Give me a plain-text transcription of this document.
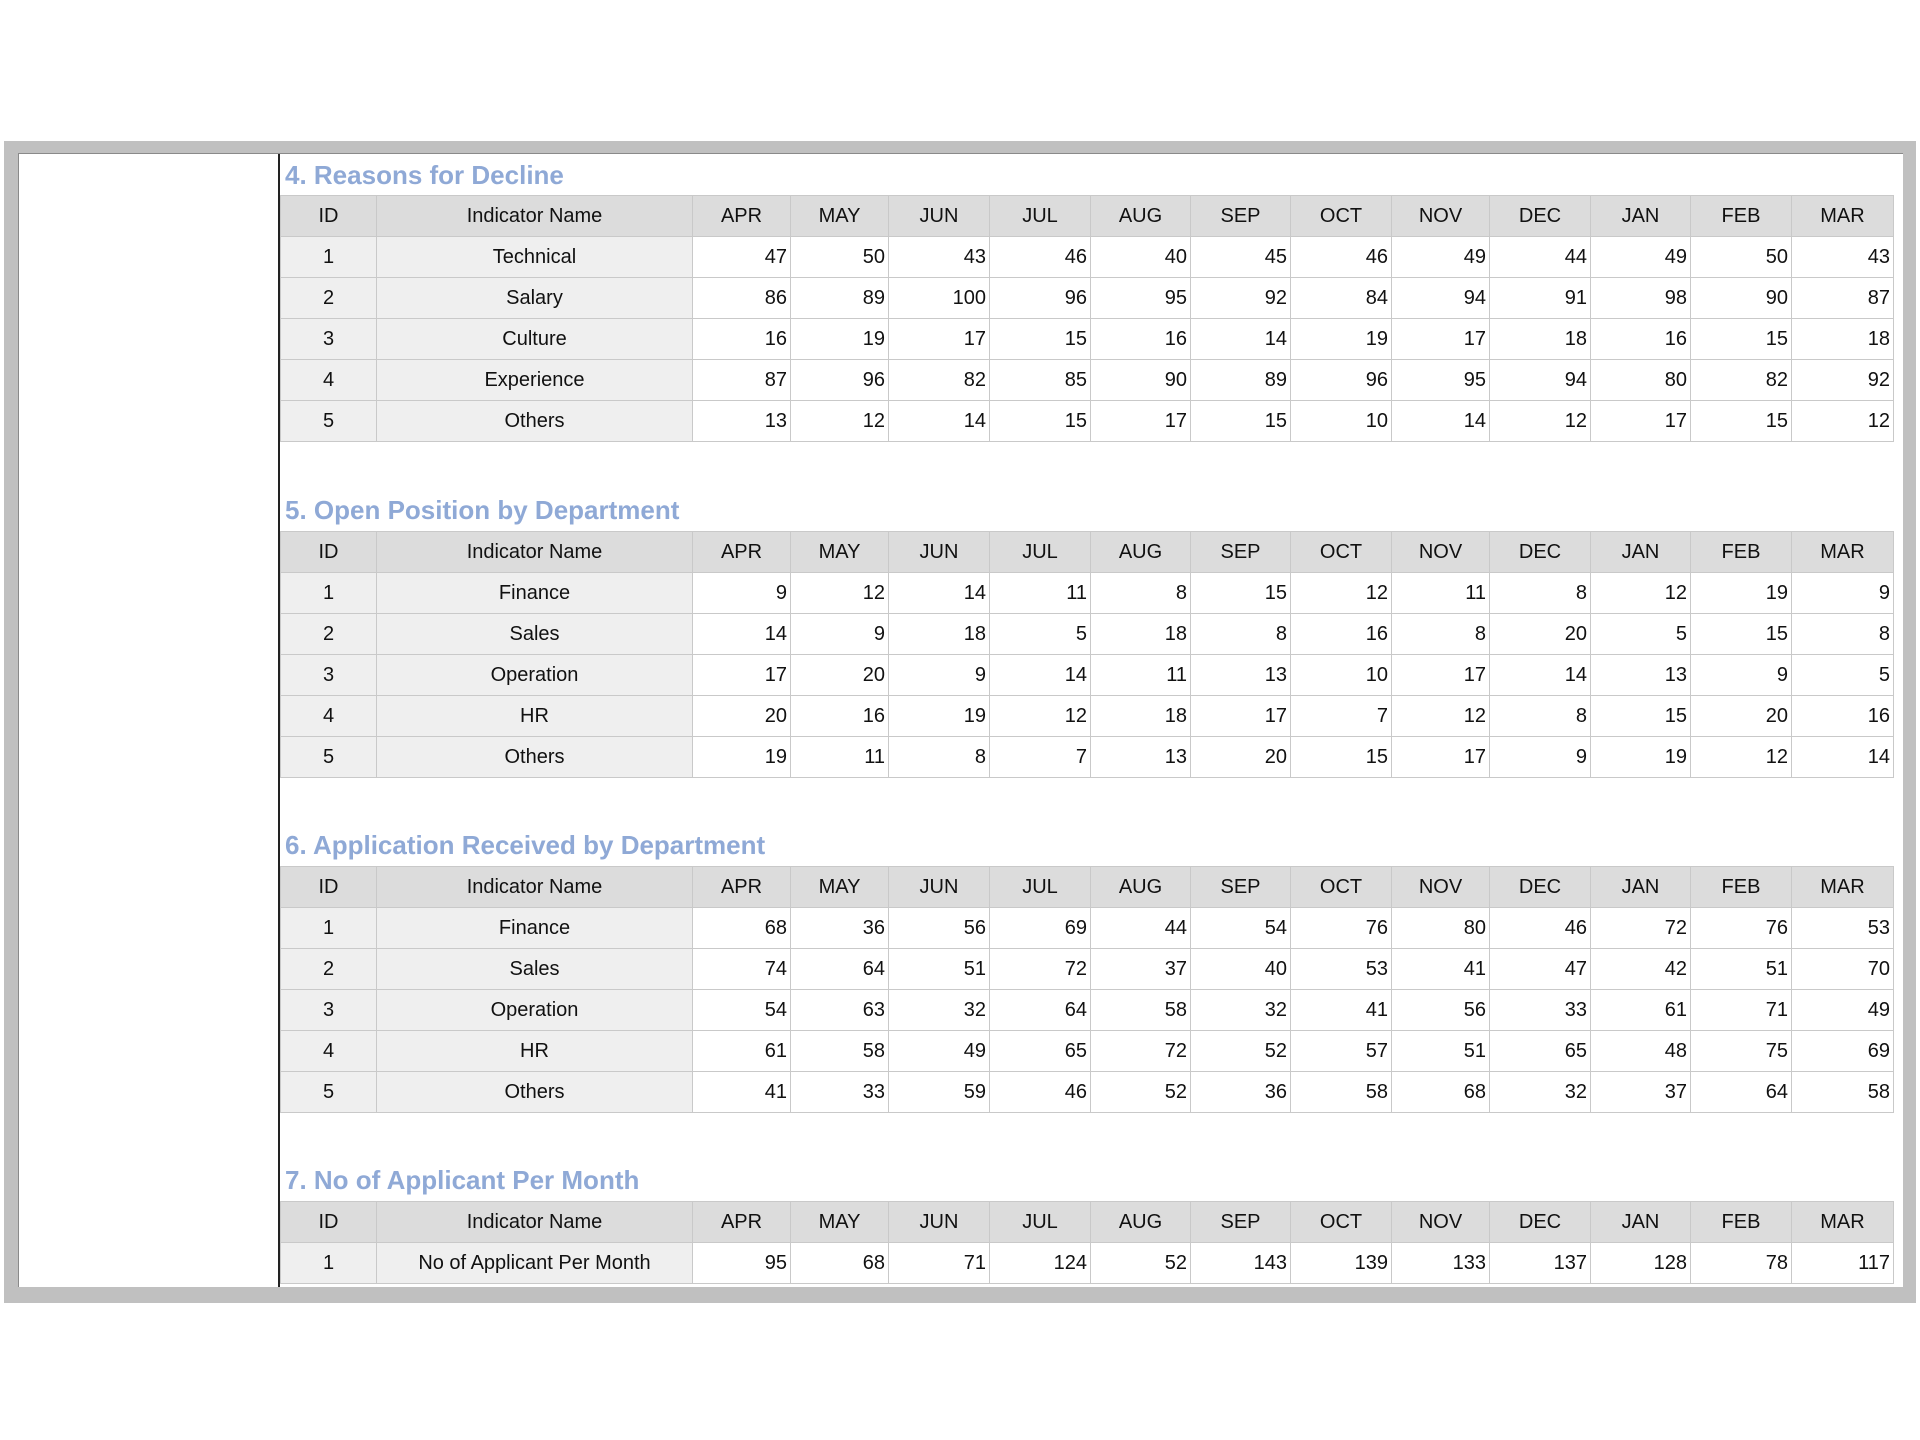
4. Reasons for Decline
ID	Indicator Name	APR	MAY	JUN	JUL	AUG	SEP	OCT	NOV	DEC	JAN	FEB	MAR
1	Technical	47	50	43	46	40	45	46	49	44	49	50	43
2	Salary	86	89	100	96	95	92	84	94	91	98	90	87
3	Culture	16	19	17	15	16	14	19	17	18	16	15	18
4	Experience	87	96	82	85	90	89	96	95	94	80	82	92
5	Others	13	12	14	15	17	15	10	14	12	17	15	12
5. Open Position by Department
ID	Indicator Name	APR	MAY	JUN	JUL	AUG	SEP	OCT	NOV	DEC	JAN	FEB	MAR
1	Finance	9	12	14	11	8	15	12	11	8	12	19	9
2	Sales	14	9	18	5	18	8	16	8	20	5	15	8
3	Operation	17	20	9	14	11	13	10	17	14	13	9	5
4	HR	20	16	19	12	18	17	7	12	8	15	20	16
5	Others	19	11	8	7	13	20	15	17	9	19	12	14
6. Application Received by Department
ID	Indicator Name	APR	MAY	JUN	JUL	AUG	SEP	OCT	NOV	DEC	JAN	FEB	MAR
1	Finance	68	36	56	69	44	54	76	80	46	72	76	53
2	Sales	74	64	51	72	37	40	53	41	47	42	51	70
3	Operation	54	63	32	64	58	32	41	56	33	61	71	49
4	HR	61	58	49	65	72	52	57	51	65	48	75	69
5	Others	41	33	59	46	52	36	58	68	32	37	64	58
7. No of Applicant Per Month
ID	Indicator Name	APR	MAY	JUN	JUL	AUG	SEP	OCT	NOV	DEC	JAN	FEB	MAR
1	No of Applicant Per Month	95	68	71	124	52	143	139	133	137	128	78	117
